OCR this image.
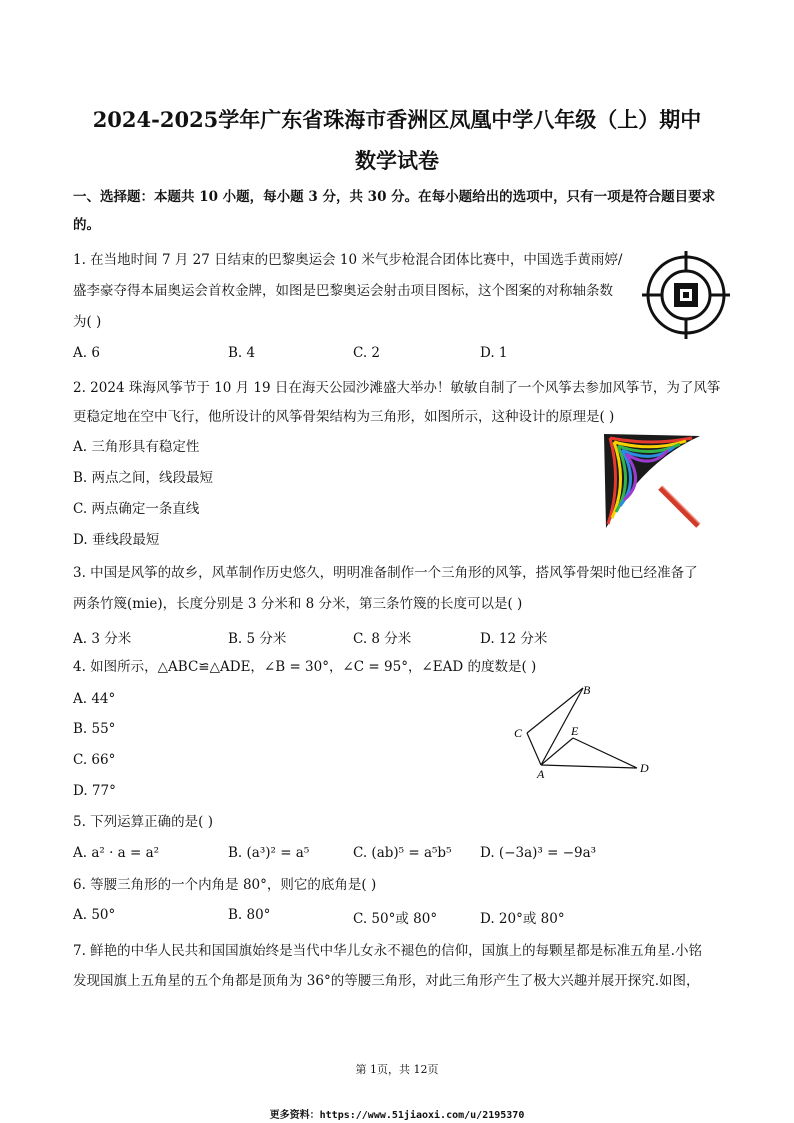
2024-2025学年广东省珠海市香洲区凤凰中学八年级（上）期中
数学试卷
一、选择题：本题共 10 小题，每小题 3 分，共 30 分。在每小题给出的选项中，只有一项是符合题目要求
的。
1. 在当地时间 7 月 27 日结束的巴黎奥运会 10 米气步枪混合团体比赛中，中国选手黄雨婷/
盛李豪夺得本届奥运会首枚金牌，如图是巴黎奥运会射击项目图标，这个图案的对称轴条数
为( )
A. 6	B. 4	C. 2	D. 1
2. 2024 珠海风筝节于 10 月 19 日在海天公园沙滩盛大举办！敏敏自制了一个风筝去参加风筝节，为了风筝
更稳定地在空中飞行，他所设计的风筝骨架结构为三角形，如图所示，这种设计的原理是( )
A. 三角形具有稳定性
B. 两点之间，线段最短
C. 两点确定一条直线
D. 垂线段最短
3. 中国是风筝的故乡，风革制作历史悠久，明明准备制作一个三角形的风筝，搭风筝骨架时他已经准备了
两条竹篾(mie)，长度分别是 3 分米和 8 分米，第三条竹篾的长度可以是( )
A. 3 分米	B. 5 分米	C. 8 分米	D. 12 分米
4. 如图所示，△ABC≌△ADE，∠B = 30°，∠C = 95°，∠EAD 的度数是( )
A. 44°
B. 55°
C. 66°
D. 77°
B
C	E
A	D
5. 下列运算正确的是( )
A. a² · a = a²	B. (a³)² = a⁵	C. (ab)⁵ = a⁵b⁵ D. (−3a)³ = −9a³
6. 等腰三角形的一个内角是 80°，则它的底角是( )
A. 50°	B. 80°	C. 50°或 80°	D. 20°或 80°
7. 鲜艳的中华人民共和国国旗始终是当代中华儿女永不褪色的信仰，国旗上的每颗星都是标准五角星.小铭
发现国旗上五角星的五个角都是顶角为 36°的等腰三角形，对此三角形产生了极大兴趣并展开探究.如图，
第 1页，共 12页
更多资料：https://www.51jiaoxi.com/u/2195370
